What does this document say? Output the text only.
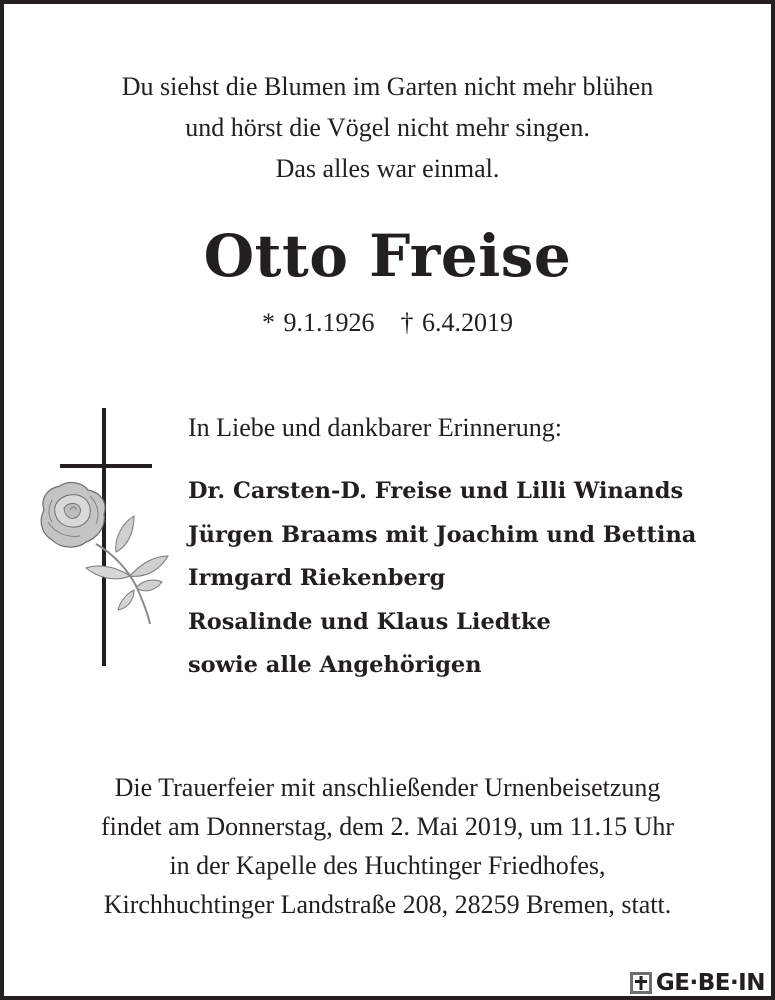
Du siehst die Blumen im Garten nicht mehr blühen
und hörst die Vögel nicht mehr singen.
Das alles war einmal.
Otto Freise
* 9.1.1926 † 6.4.2019
In Liebe und dankbarer Erinnerung:
Dr. Carsten-D. Freise und Lilli Winands
Jürgen Braams mit Joachim und Bettina
Irmgard Riekenberg
Rosalinde und Klaus Liedtke
sowie alle Angehörigen
Die Trauerfeier mit anschließender Urnenbeisetzung
findet am Donnerstag, dem 2. Mai 2019, um 11.15 Uhr
in der Kapelle des Huchtinger Friedhofes,
Kirchhuchtinger Landstraße 208, 28259 Bremen, statt.
GE·BE·IN
